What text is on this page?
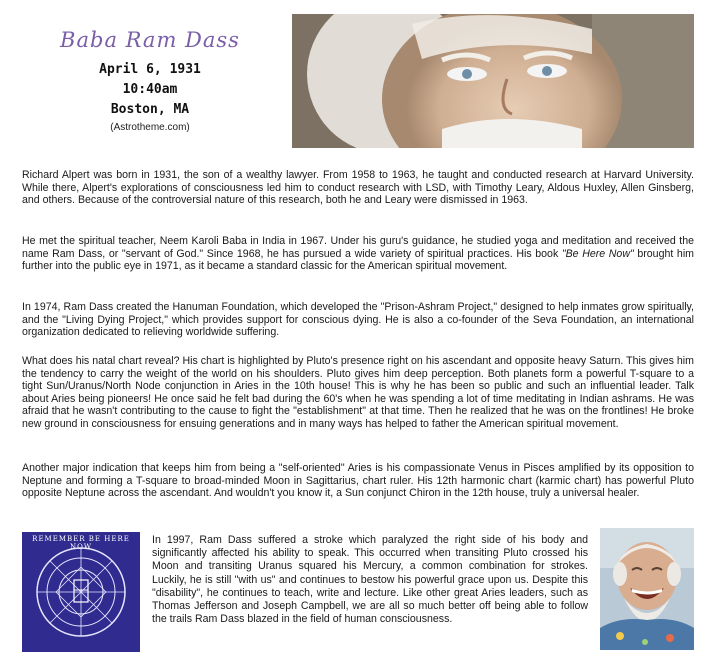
Baba Ram Dass
April 6, 1931
10:40am
Boston, MA
(Astrotheme.com)

Richard Alpert was born in 1931, the son of a wealthy lawyer. From 1958 to 1963, he taught and conducted research at Harvard University. While there, Alpert's explorations of consciousness led him to conduct research with LSD, with Timothy Leary, Aldous Huxley, Allen Ginsberg, and others. Because of the controversial nature of this research, both he and Leary were dismissed in 1963.

He met the spiritual teacher, Neem Karoli Baba in India in 1967. Under his guru's guidance, he studied yoga and meditation and received the name Ram Dass, or "servant of God." Since 1968, he has pursued a wide variety of spiritual practices. His book "Be Here Now" brought him further into the public eye in 1971, as it became a standard classic for the American spiritual movement.

In 1974, Ram Dass created the Hanuman Foundation, which developed the "Prison-Ashram Project," designed to help inmates grow spiritually, and the "Living Dying Project," which provides support for conscious dying. He is also a co-founder of the Seva Foundation, an international organization dedicated to relieving worldwide suffering.

What does his natal chart reveal? His chart is highlighted by Pluto's presence right on his ascendant and opposite heavy Saturn. This gives him the tendency to carry the weight of the world on his shoulders. Pluto gives him deep perception. Both planets form a powerful T-square to a tight Sun/Uranus/North Node conjunction in Aries in the 10th house! This is why he has been so public and such an influential leader. Talk about Aries being pioneers! He once said he felt bad during the 60's when he was spending a lot of time meditating in Indian ashrams. He was afraid that he wasn't contributing to the cause to fight the "establishment" at that time. Then he realized that he was on the frontlines! He broke new ground in consciousness for ensuing generations and in many ways has helped to father the American spiritual movement.

Another major indication that keeps him from being a "self-oriented" Aries is his compassionate Venus in Pisces amplified by its opposition to Neptune and forming a T-square to broad-minded Moon in Sagittarius, chart ruler. His 12th harmonic chart (karmic chart) has powerful Pluto opposite Neptune across the ascendant. And wouldn't you know it, a Sun conjunct Chiron in the 12th house, truly a universal healer.

REMEMBER BE HERE NOW

In 1997, Ram Dass suffered a stroke which paralyzed the right side of his body and significantly affected his ability to speak. This occurred when transiting Pluto crossed his Moon and transiting Uranus squared his Mercury, a common combination for strokes. Luckily, he is still "with us" and continues to bestow his powerful grace upon us. Despite this "disability", he continues to teach, write and lecture. Like other great Aries leaders, such as Thomas Jefferson and Joseph Campbell, we are all so much better off being able to follow the trails Ram Dass blazed in the field of human consciousness.
